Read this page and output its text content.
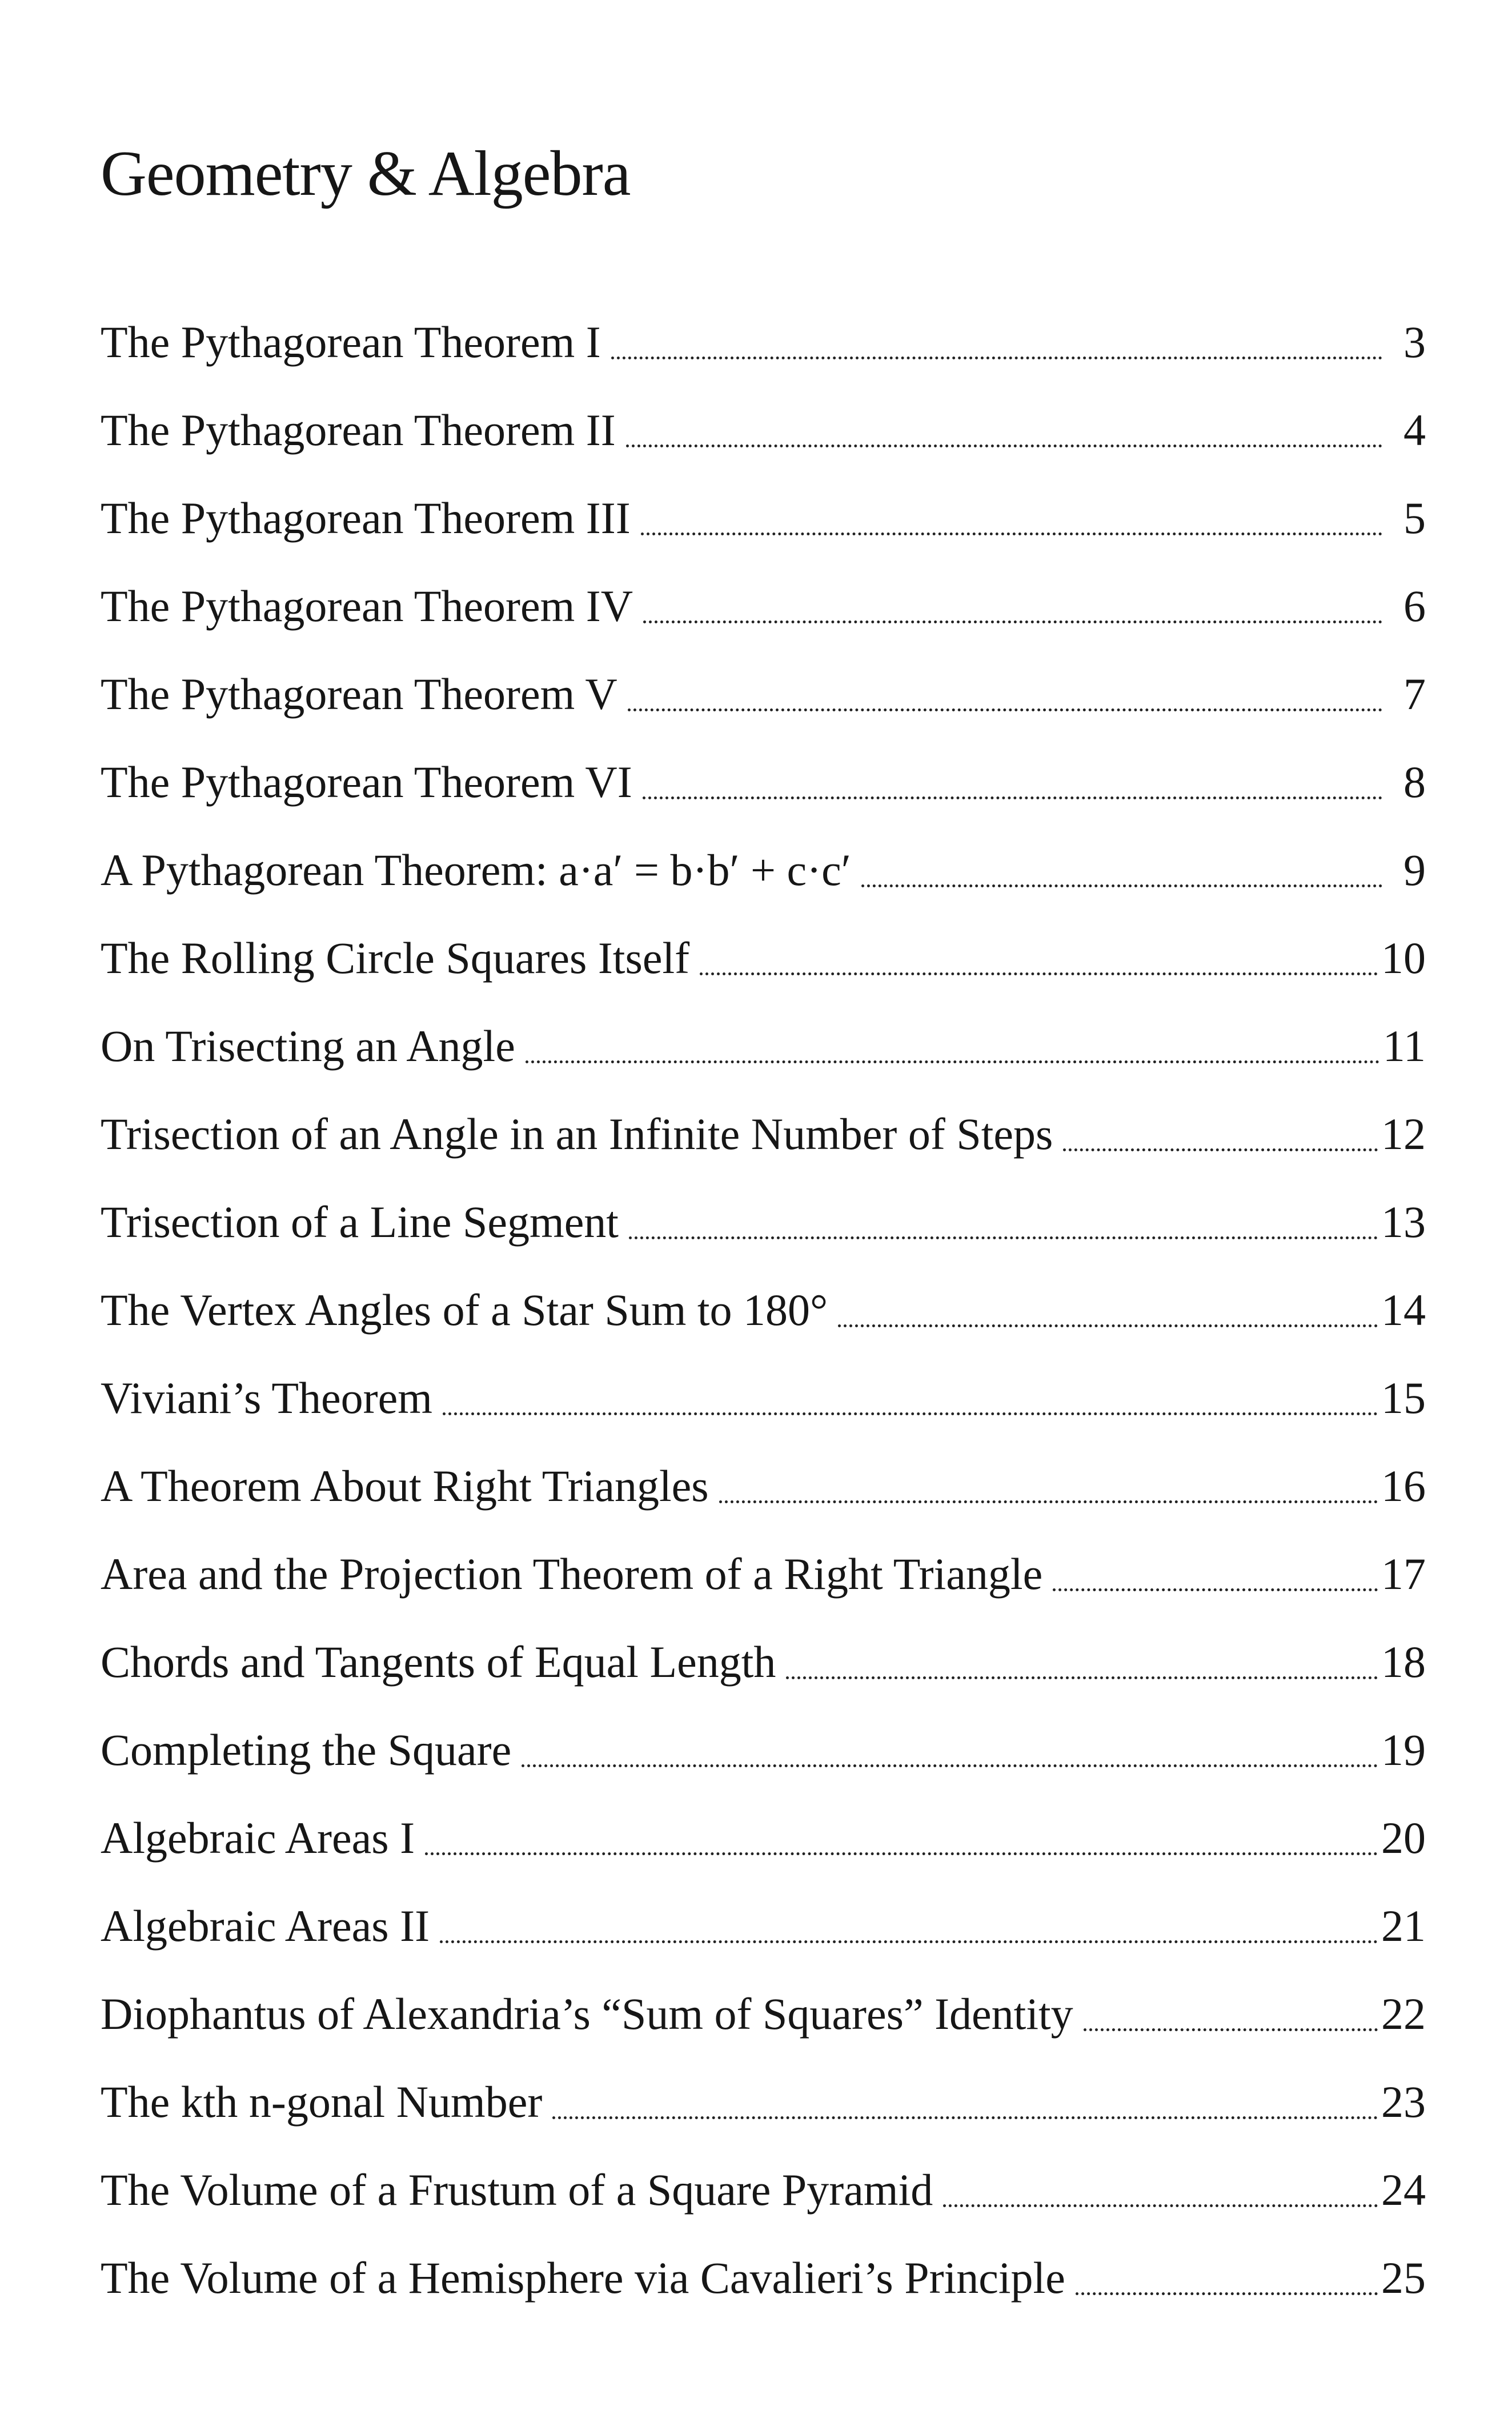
Geometry & Algebra
The Pythagorean Theorem I	3
The Pythagorean Theorem II	4
The Pythagorean Theorem III	5
The Pythagorean Theorem IV	6
The Pythagorean Theorem V	7
The Pythagorean Theorem VI	8
A Pythagorean Theorem: a·a′ = b·b′ + c·c′	9
The Rolling Circle Squares Itself	10
On Trisecting an Angle	11
Trisection of an Angle in an Infinite Number of Steps	12
Trisection of a Line Segment	13
The Vertex Angles of a Star Sum to 180°	14
Viviani’s Theorem	15
A Theorem About Right Triangles	16
Area and the Projection Theorem of a Right Triangle	17
Chords and Tangents of Equal Length	18
Completing the Square	19
Algebraic Areas I	20
Algebraic Areas II	21
Diophantus of Alexandria’s “Sum of Squares” Identity	22
The kth n-gonal Number	23
The Volume of a Frustum of a Square Pyramid	24
The Volume of a Hemisphere via Cavalieri’s Principle	25
